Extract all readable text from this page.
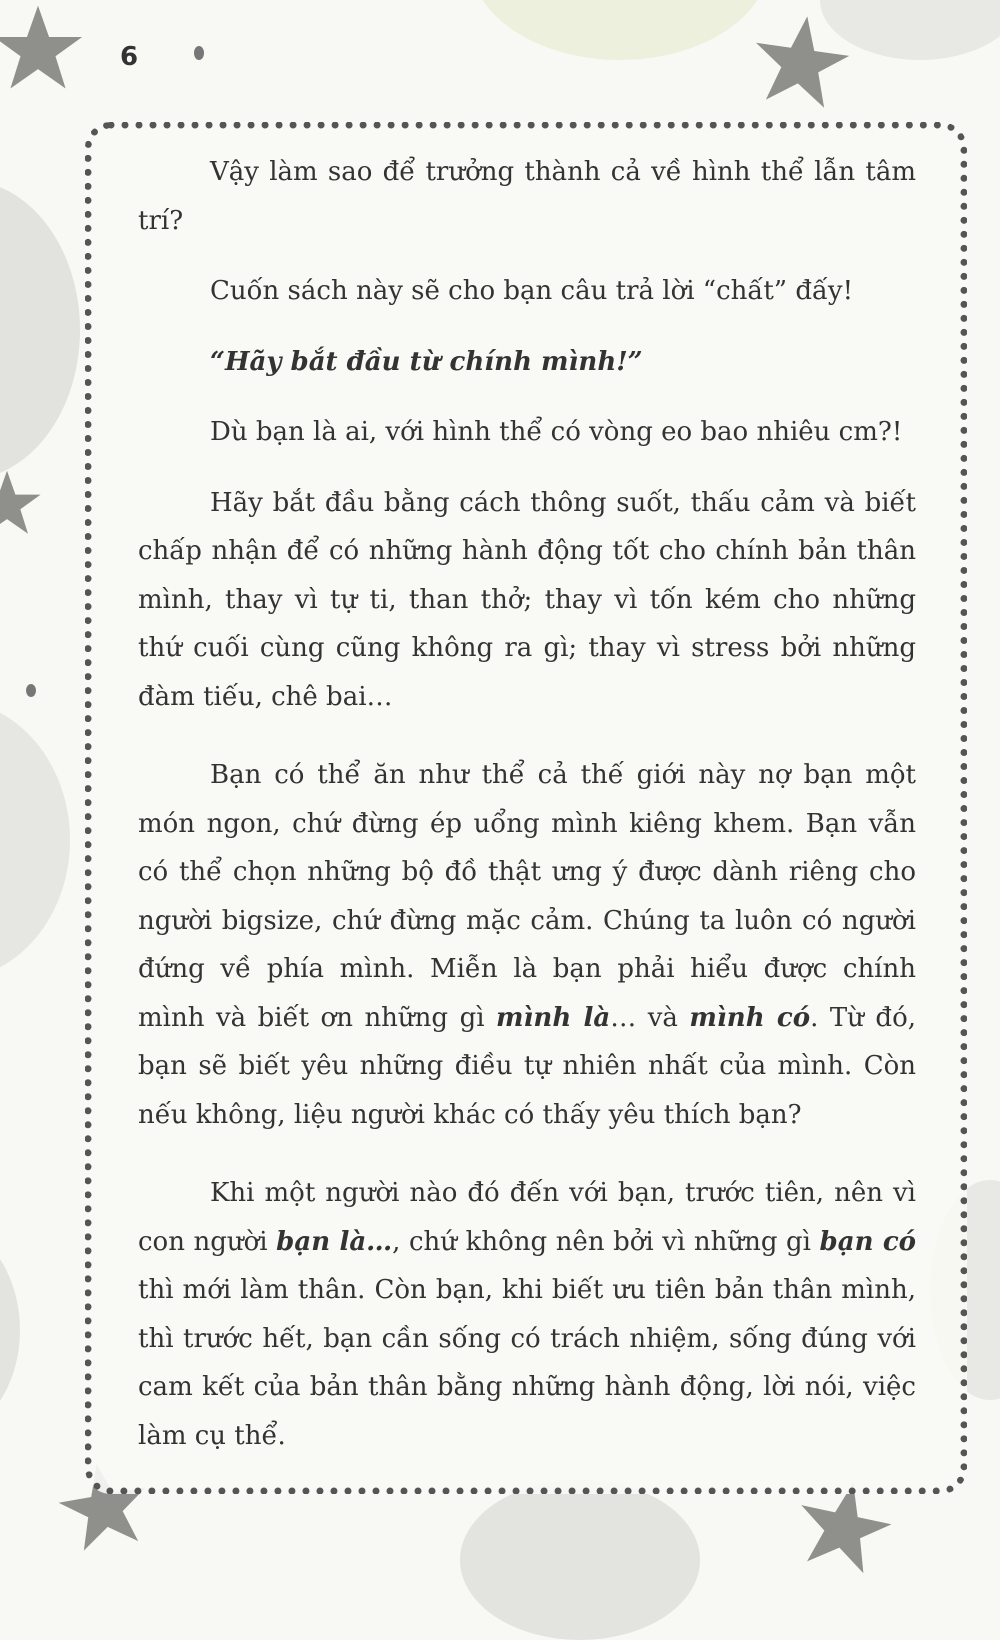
6

Vậy làm sao để trưởng thành cả về hình thể lẫn tâm trí?

Cuốn sách này sẽ cho bạn câu trả lời “chất” đấy!

“Hãy bắt đầu từ chính mình!”

Dù bạn là ai, với hình thể có vòng eo bao nhiêu cm?!

Hãy bắt đầu bằng cách thông suốt, thấu cảm và biết chấp nhận để có những hành động tốt cho chính bản thân mình, thay vì tự ti, than thở; thay vì tốn kém cho những thứ cuối cùng cũng không ra gì; thay vì stress bởi những đàm tiếu, chê bai…

Bạn có thể ăn như thể cả thế giới này nợ bạn một món ngon, chứ đừng ép uổng mình kiêng khem. Bạn vẫn có thể chọn những bộ đồ thật ưng ý được dành riêng cho người bigsize, chứ đừng mặc cảm. Chúng ta luôn có người đứng về phía mình. Miễn là bạn phải hiểu được chính mình và biết ơn những gì mình là… và mình có. Từ đó, bạn sẽ biết yêu những điều tự nhiên nhất của mình. Còn nếu không, liệu người khác có thấy yêu thích bạn?

Khi một người nào đó đến với bạn, trước tiên, nên vì con người bạn là…, chứ không nên bởi vì những gì bạn có thì mới làm thân. Còn bạn, khi biết ưu tiên bản thân mình, thì trước hết, bạn cần sống có trách nhiệm, sống đúng với cam kết của bản thân bằng những hành động, lời nói, việc làm cụ thể.
